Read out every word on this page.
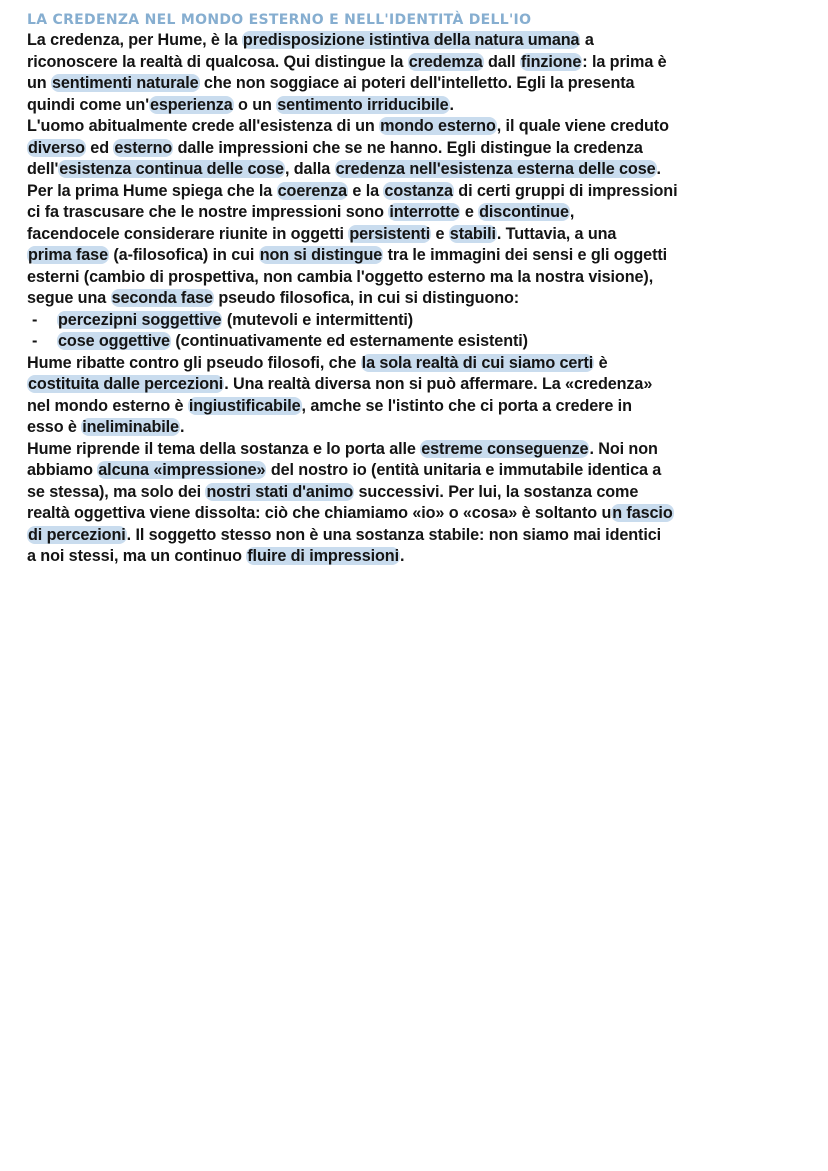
LA CREDENZA NEL MONDO ESTERNO E NELL'IDENTITÀ DELL'IO
La credenza, per Hume, è la predisposizione istintiva della natura umana a
riconoscere la realtà di qualcosa. Qui distingue la credemza dall finzione: la prima è
un sentimenti naturale che non soggiace ai poteri dell'intelletto. Egli la presenta
quindi come un'esperienza o un sentimento irriducibile.
L'uomo abitualmente crede all'esistenza di un mondo esterno, il quale viene creduto
diverso ed esterno dalle impressioni che se ne hanno. Egli distingue la credenza
dell'esistenza continua delle cose, dalla credenza nell'esistenza esterna delle cose.
Per la prima Hume spiega che la coerenza e la costanza di certi gruppi di impressioni
ci fa trascusare che le nostre impressioni sono interrotte e discontinue,
facendocele considerare riunite in oggetti persistenti e stabili. Tuttavia, a una
prima fase (a-filosofica) in cui non si distingue tra le immagini dei sensi e gli oggetti
esterni (cambio di prospettiva, non cambia l'oggetto esterno ma la nostra visione),
segue una seconda fase pseudo filosofica, in cui si distinguono:
-	percezipni soggettive (mutevoli e intermittenti)
-	cose oggettive (continuativamente ed esternamente esistenti)
Hume ribatte contro gli pseudo filosofi, che la sola realtà di cui siamo certi è
costituita dalle percezioni. Una realtà diversa non si può affermare. La «credenza»
nel mondo esterno è ingiustificabile, amche se l'istinto che ci porta a credere in
esso è ineliminabile.
Hume riprende il tema della sostanza e lo porta alle estreme conseguenze. Noi non
abbiamo alcuna «impressione» del nostro io (entità unitaria e immutabile identica a
se stessa), ma solo dei nostri stati d'animo successivi. Per lui, la sostanza come
realtà oggettiva viene dissolta: ciò che chiamiamo «io» o «cosa» è soltanto un fascio
di percezioni. Il soggetto stesso non è una sostanza stabile: non siamo mai identici
a noi stessi, ma un continuo fluire di impressioni.
